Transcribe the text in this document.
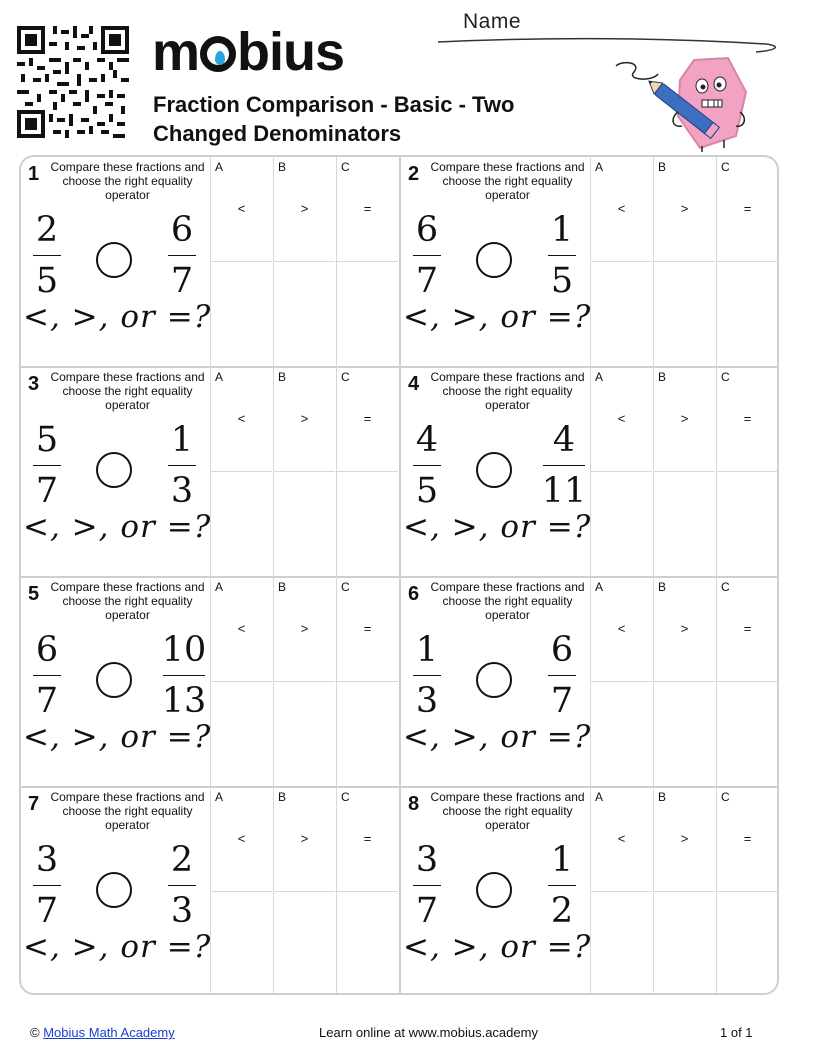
m bius
Fraction Comparison - Basic - Two Changed Denominators
Name
1 Compare these fractions and choose the right equality operator
2
5
6
7
<, >, or =?
A
<
B
>
C
=
2 Compare these fractions and choose the right equality operator
6
7
1
5
<, >, or =?
A
<
B
>
C
=
3 Compare these fractions and choose the right equality operator
5
7
1
3
<, >, or =?
A
<
B
>
C
=
4 Compare these fractions and choose the right equality operator
4
5
4
11
<, >, or =?
A
<
B
>
C
=
5 Compare these fractions and choose the right equality operator
6
7
10
13
<, >, or =?
A
<
B
>
C
=
6 Compare these fractions and choose the right equality operator
1
3
6
7
<, >, or =?
A
<
B
>
C
=
7 Compare these fractions and choose the right equality operator
3
7
2
3
<, >, or =?
A
<
B
>
C
=
8 Compare these fractions and choose the right equality operator
3
7
1
2
<, >, or =?
A
<
B
>
C
=
© Mobius Math Academy	Learn online at www.mobius.academy	1 of 1
